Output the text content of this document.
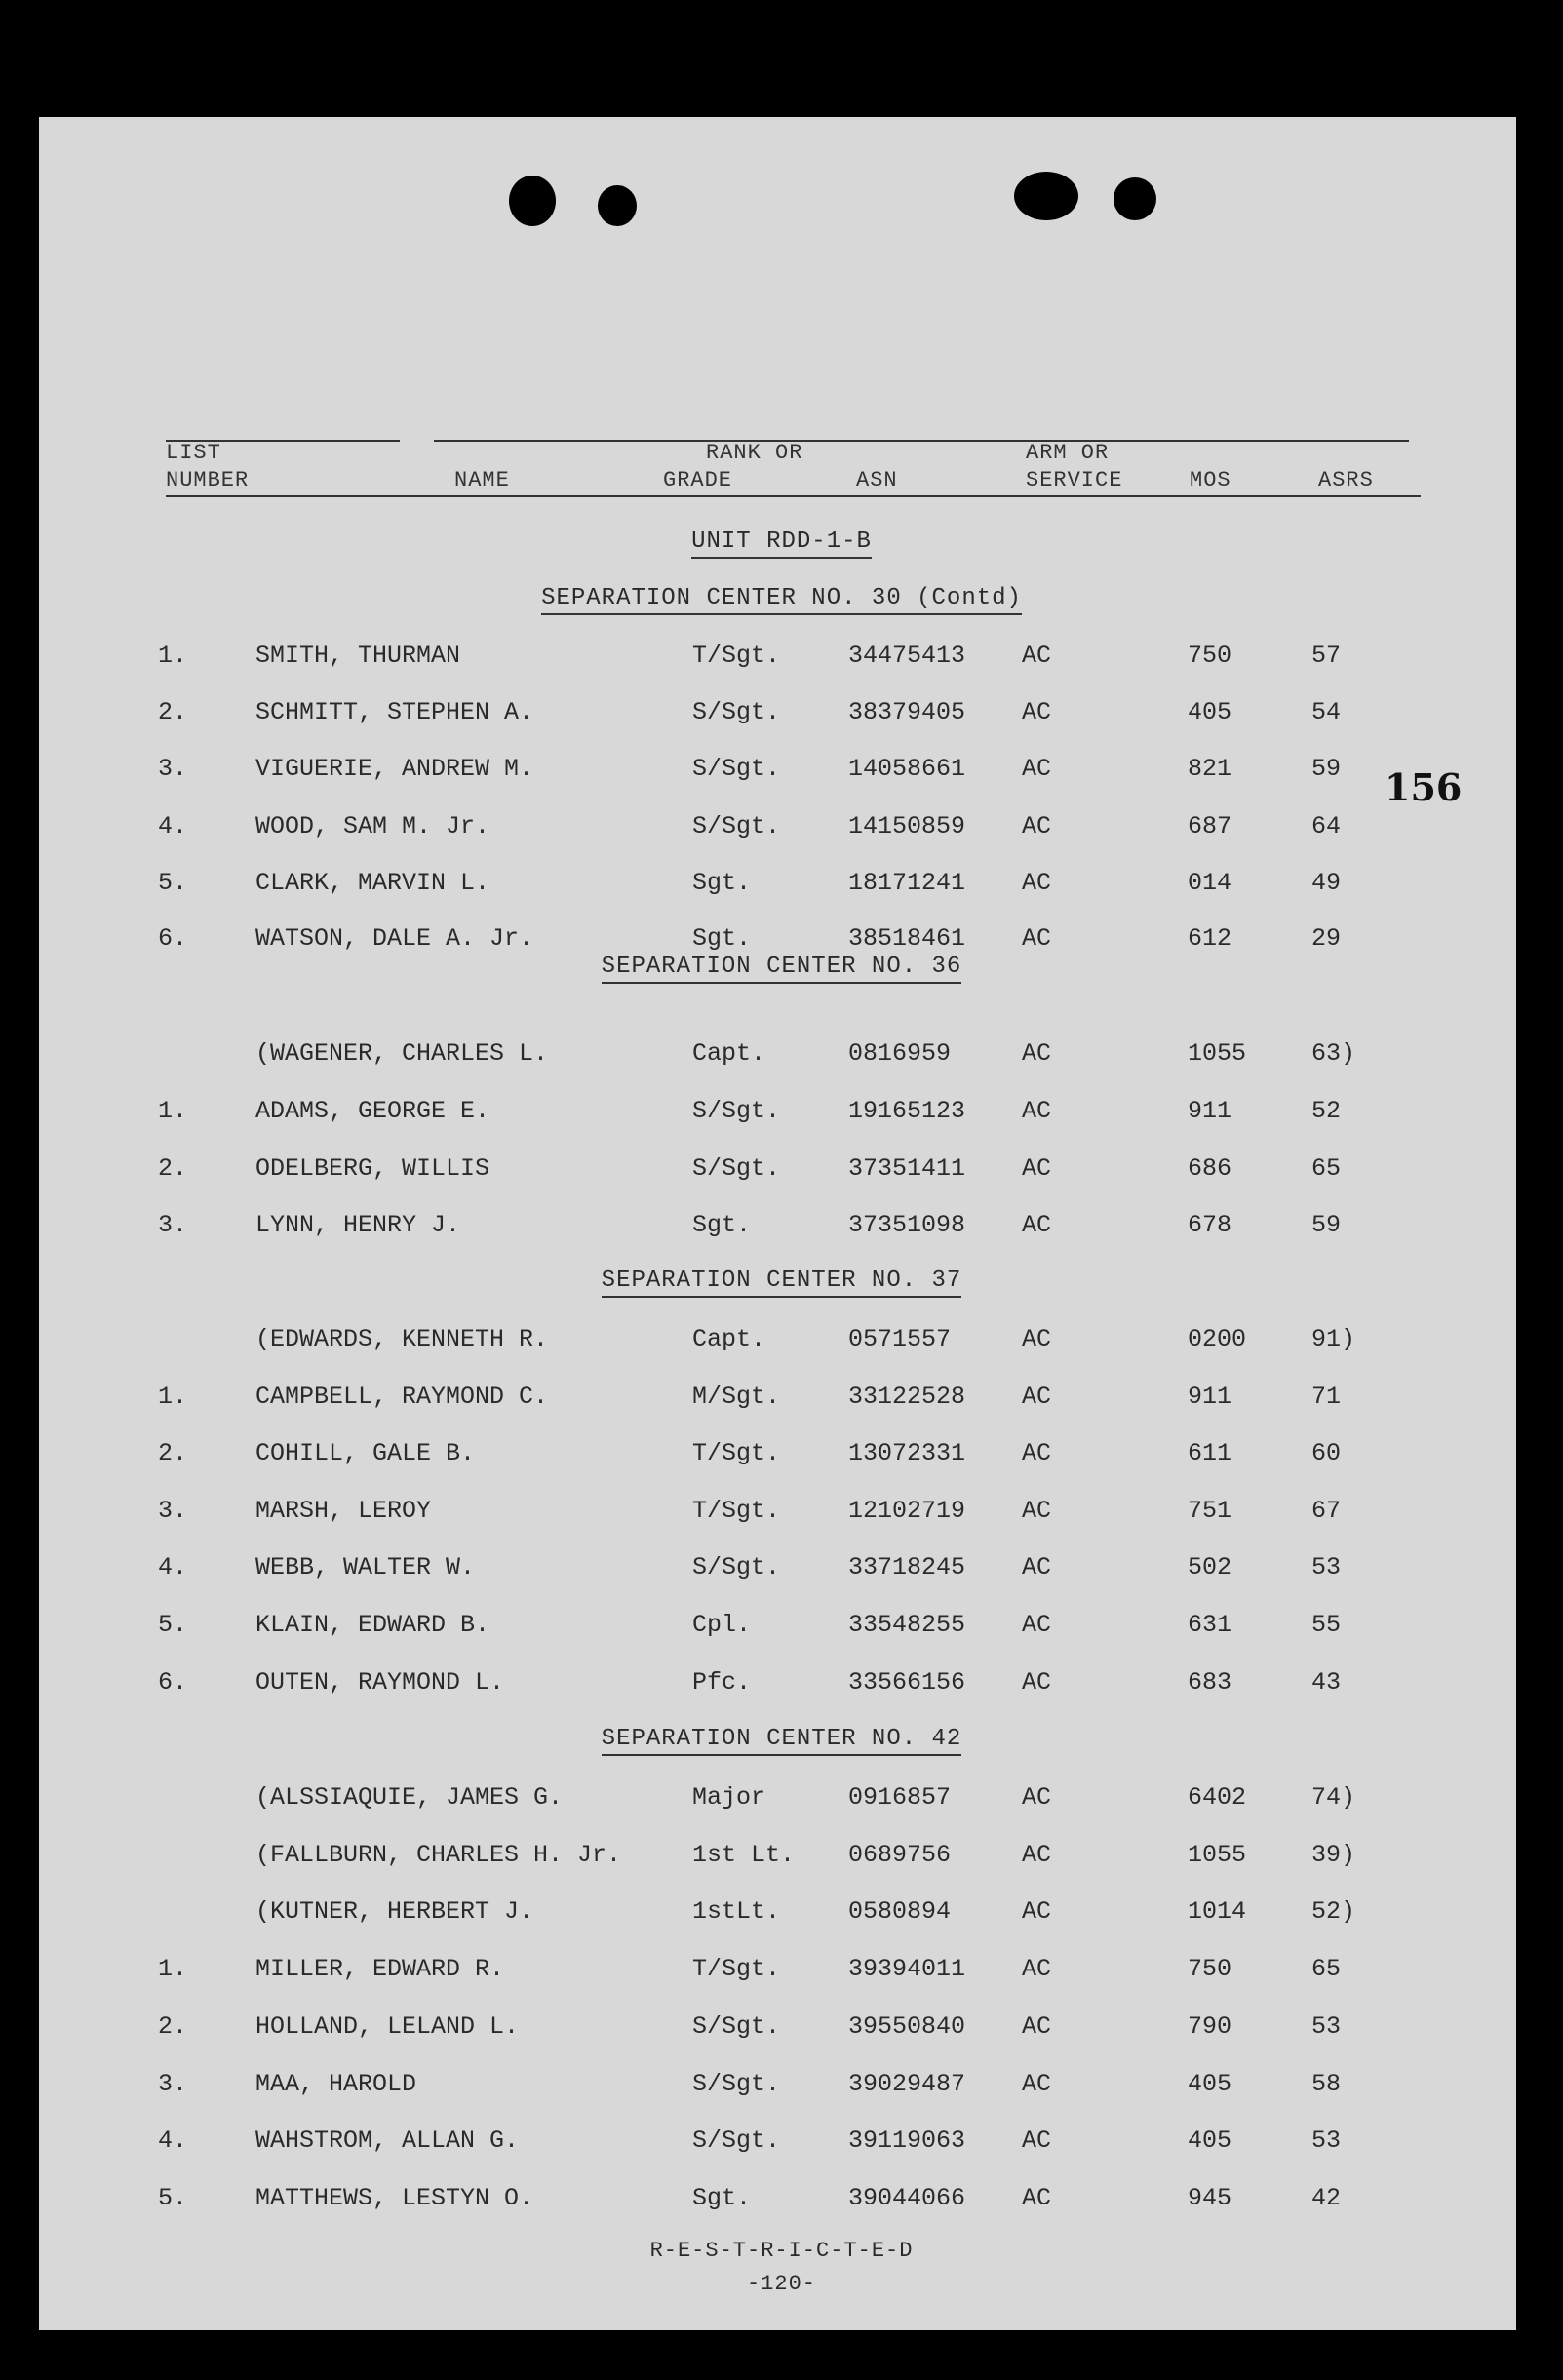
LIST
NUMBER	NAME
RANK OR
GRADE	ASN
ARM OR
SERVICE	MOS	ASRS
UNIT RDD-1-B
156
SEPARATION CENTER NO. 30 (Contd)
1.	SMITH, THURMAN	T/Sgt.	34475413 AC	750	57
2.	SCHMITT, STEPHEN A.	S/Sgt.	38379405 AC	405	54
3.	VIGUERIE, ANDREW M.	S/Sgt.	14058661 AC	821	59
4.	WOOD, SAM M. Jr.	S/Sgt.	14150859 AC	687	64
5.	CLARK, MARVIN L.	Sgt.	18171241 AC	014	49
6.	WATSON, DALE A. Jr.	Sgt.	38518461 AC	612	29
SEPARATION CENTER NO. 36
(WAGENER, CHARLES L.	Capt.	0816959	AC	1055	63)
1.	ADAMS, GEORGE E.	S/Sgt.	19165123 AC	911	52
2.	ODELBERG, WILLIS	S/Sgt.	37351411 AC	686	65
3.	LYNN, HENRY J.	Sgt.	37351098 AC	678	59
SEPARATION CENTER NO. 37
(EDWARDS, KENNETH R.	Capt.	0571557	AC	0200	91)
1.	CAMPBELL, RAYMOND C.	M/Sgt.	33122528 AC	911	71
2.	COHILL, GALE B.	T/Sgt.	13072331 AC	611	60
3.	MARSH, LEROY	T/Sgt.	12102719 AC	751	67
4.	WEBB, WALTER W.	S/Sgt.	33718245 AC	502	53
5.	KLAIN, EDWARD B.	Cpl.	33548255 AC	631	55
6.	OUTEN, RAYMOND L.	Pfc.	33566156 AC	683	43
SEPARATION CENTER NO. 42
(ALSSIAQUIE, JAMES G.	Major	0916857	AC	6402	74)
(FALLBURN, CHARLES H. Jr.	1st Lt. 0689756	AC	1055	39)
(KUTNER, HERBERT J.	1stLt.	0580894	AC	1014	52)
1.	MILLER, EDWARD R.	T/Sgt.	39394011 AC	750	65
2.	HOLLAND, LELAND L.	S/Sgt.	39550840 AC	790	53
3.	MAA, HAROLD	S/Sgt.	39029487 AC	405	58
4.	WAHSTROM, ALLAN G.	S/Sgt.	39119063 AC	405	53
5.	MATTHEWS, LESTYN O.	Sgt.	39044066 AC	945	42
R-E-S-T-R-I-C-T-E-D
-120-
